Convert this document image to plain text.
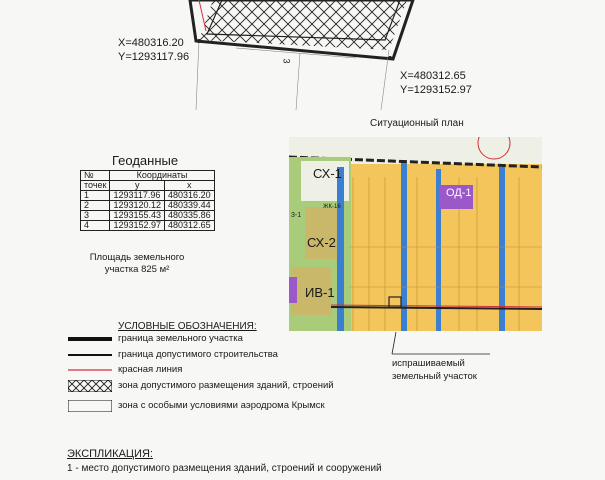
X=480316.20
Y=1293117.96
X=480312.65
Y=1293152.97
3
Геоданные
№	Координаты	
точек	у	х
1	1293117.96	480316.20
2	1293120.12	480339.44
3	1293155.43	480335.86
4	1293152.97	480312.65
Площадь земельного
участка 825 м²
Ситуационный план
СХ-1
СХ-2
ИВ-1
ОД-1
3-1
ЖК-16
испрашиваемый
земельный участок
УСЛОВНЫЕ ОБОЗНАЧЕНИЯ:
граница земельного участка
граница допустимого строительства
красная линия
зона допустимого размещения зданий, строений
зона с особыми условиями аэродрома Крымск
ЭКСПЛИКАЦИЯ:
1 - место допустимого размещения зданий, строений и сооружений
